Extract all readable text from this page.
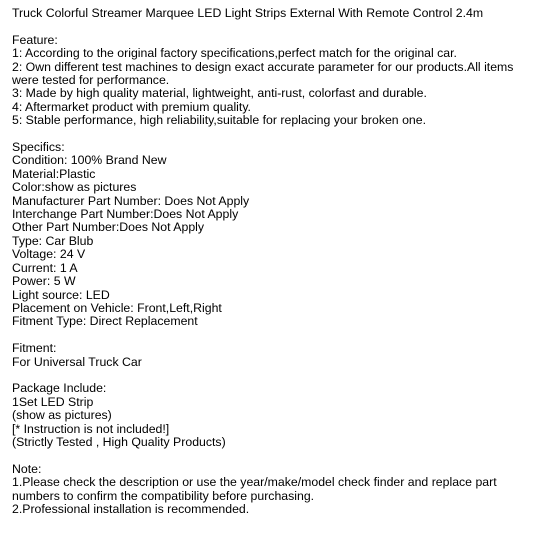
Truck Colorful Streamer Marquee LED Light Strips External With Remote Control 2.4m
Feature:
1: According to the original factory specifications,perfect match for the original car.
2: Own different test machines to design exact accurate parameter for our products.All items were tested for performance.
3: Made by high quality material, lightweight, anti-rust, colorfast and durable.
4: Aftermarket product with premium quality.
5: Stable performance, high reliability,suitable for replacing your broken one.
Specifics:
Condition: 100% Brand New
Material:Plastic
Color:show as pictures
Manufacturer Part Number: Does Not Apply
Interchange Part Number:Does Not Apply
Other Part Number:Does Not Apply
Type: Car Blub
Voltage: 24 V
Current: 1 A
Power: 5 W
Light source: LED
Placement on Vehicle: Front,Left,Right
Fitment Type: Direct Replacement
Fitment:
For Universal Truck Car
Package Include:
1Set LED Strip
(show as pictures)
[* Instruction is not included!]
(Strictly Tested , High Quality Products)
Note:
1.Please check the description or use the year/make/model check finder and replace part numbers to confirm the compatibility before purchasing.
2.Professional installation is recommended.
